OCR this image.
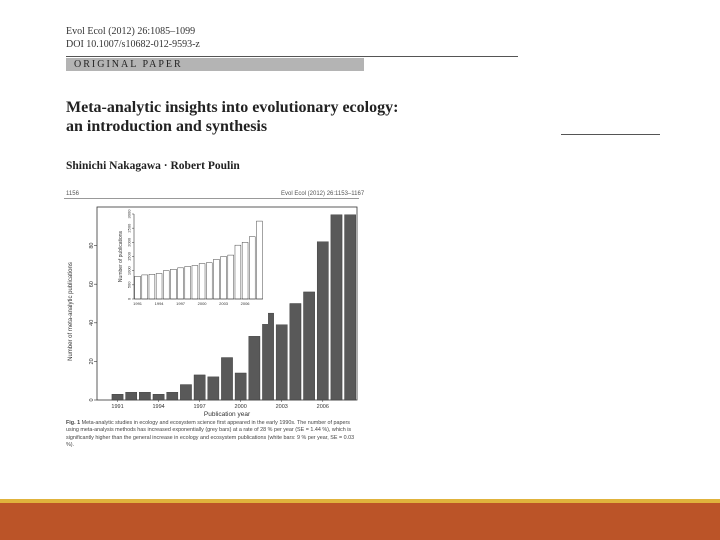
Evol Ecol (2012) 26:1085–1099
DOI 10.1007/s10682-012-9593-z
ORIGINAL PAPER
Meta-analytic insights into evolutionary ecology:
an introduction and synthesis
Shinichi Nakagawa · Robert Poulin
1156	Evol Ecol (2012) 26:1153–1167
0
20
40
60
80
1991	1994	1997	2000	2003	2006
Publication year
Number of meta-analytic publications	0
500
1000
1500
2000
2500
3000
1991	1994	1997	2000	2003	2006
Number of publications
Fig. 1 Meta-analytic studies in ecology and ecosystem science first appeared in the early 1990s. The number of papers using meta-analysis methods has increased exponentially (grey bars) at a rate of 28 % per year (SE = 1.44 %), which is significantly higher than the general increase in ecology and ecosystem publications (white bars: 9 % per year, SE = 0.03 %).
